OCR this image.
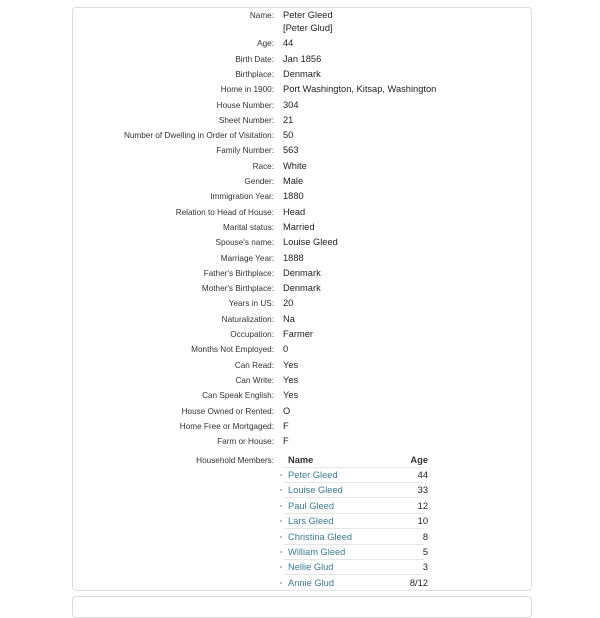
Name: Peter Gleed
[Peter Glud]
Age: 44
Birth Date: Jan 1856
Birthplace: Denmark
Home in 1900: Port Washington, Kitsap, Washington
House Number: 304
Sheet Number: 21
Number of Dwelling in Order of Visitation: 50
Family Number: 563
Race: White
Gender: Male
Immigration Year: 1880
Relation to Head of House: Head
Marital status: Married
Spouse's name: Louise Gleed
Marriage Year: 1888
Father's Birthplace: Denmark
Mother's Birthplace: Denmark
Years in US: 20
Naturalization: Na
Occupation: Farmer
Months Not Employed: 0
Can Read: Yes
Can Write: Yes
Can Speak English: Yes
House Owned or Rented: O
Home Free or Mortgaged: F
Farm or House: F
Household Members: Name	Age
Peter Gleed	44
Louise Gleed	33
Paul Gleed	12
Lars Gleed	10
Christina Gleed	8
William Gleed	5
Nellie Glud	3
Annie Glud	8/12
